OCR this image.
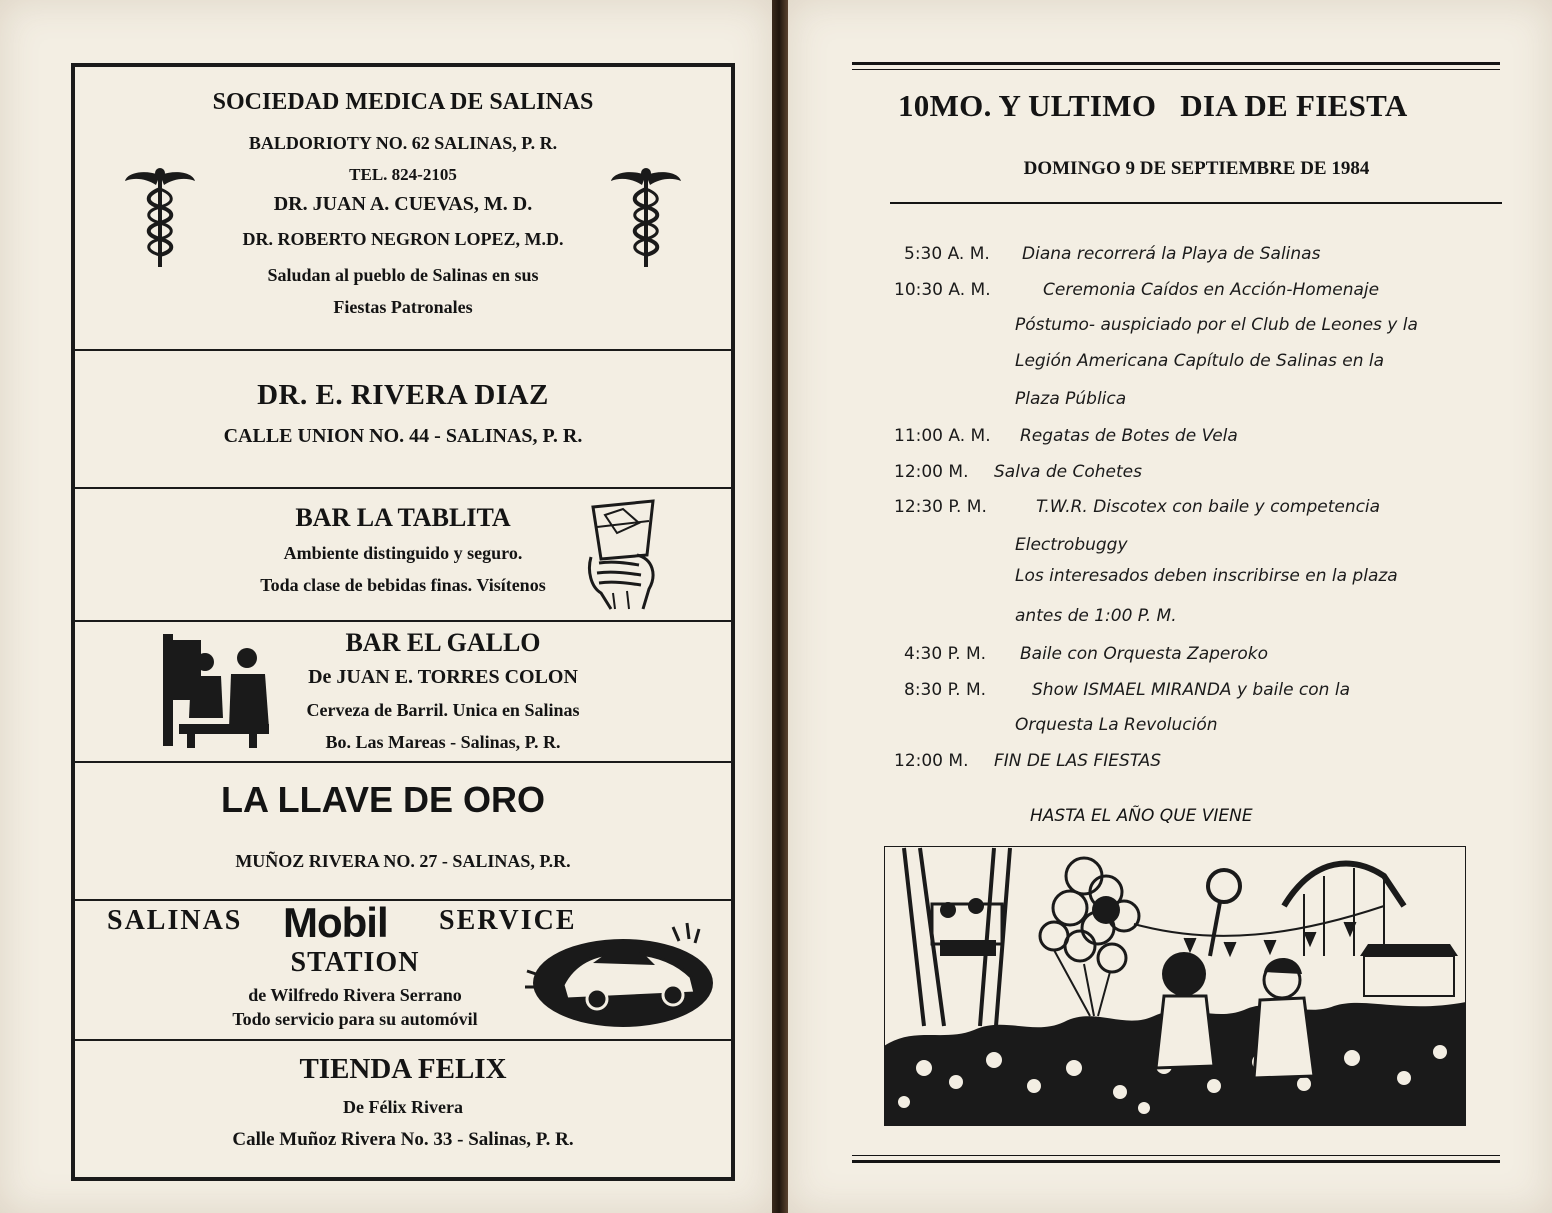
SOCIEDAD MEDICA DE SALINAS
BALDORIOTY NO. 62 SALINAS, P. R.
TEL. 824-2105
DR. JUAN A. CUEVAS, M. D.
DR. ROBERTO NEGRON LOPEZ, M.D.
Saludan al pueblo de Salinas en sus
Fiestas Patronales
DR. E. RIVERA DIAZ
CALLE UNION NO. 44 - SALINAS, P. R.
BAR LA TABLITA
Ambiente distinguido y seguro.
Toda clase de bebidas finas. Visítenos
BAR EL GALLO
De JUAN E. TORRES COLON
Cerveza de Barril. Unica en Salinas
Bo. Las Mareas - Salinas, P. R.
LA LLAVE DE ORO
MUÑOZ RIVERA NO. 27 - SALINAS, P.R.
SALINAS Mobil SERVICE
STATION
de Wilfredo Rivera Serrano
Todo servicio para su automóvil
TIENDA FELIX
De Félix Rivera
Calle Muñoz Rivera No. 33 - Salinas, P. R.
10MO. Y ULTIMO DIA DE FIESTA
DOMINGO 9 DE SEPTIEMBRE DE 1984
5:30 A. M. Diana recorrerá la Playa de Salinas
10:30 A. M.	Ceremonia Caídos en Acción-Homenaje
Póstumo- auspiciado por el Club de Leones y la
Legión Americana Capítulo de Salinas en la
Plaza Pública
11:00 A. M. Regatas de Botes de Vela
12:00 M. Salva de Cohetes
12:30 P. M.	T.W.R. Discotex con baile y competencia
Electrobuggy
Los interesados deben inscribirse en la plaza
antes de 1:00 P. M.
4:30 P. M. Baile con Orquesta Zaperoko
8:30 P. M.	Show ISMAEL MIRANDA y baile con la
Orquesta La Revolución
12:00 M. FIN DE LAS FIESTAS
HASTA EL AÑO QUE VIENE
